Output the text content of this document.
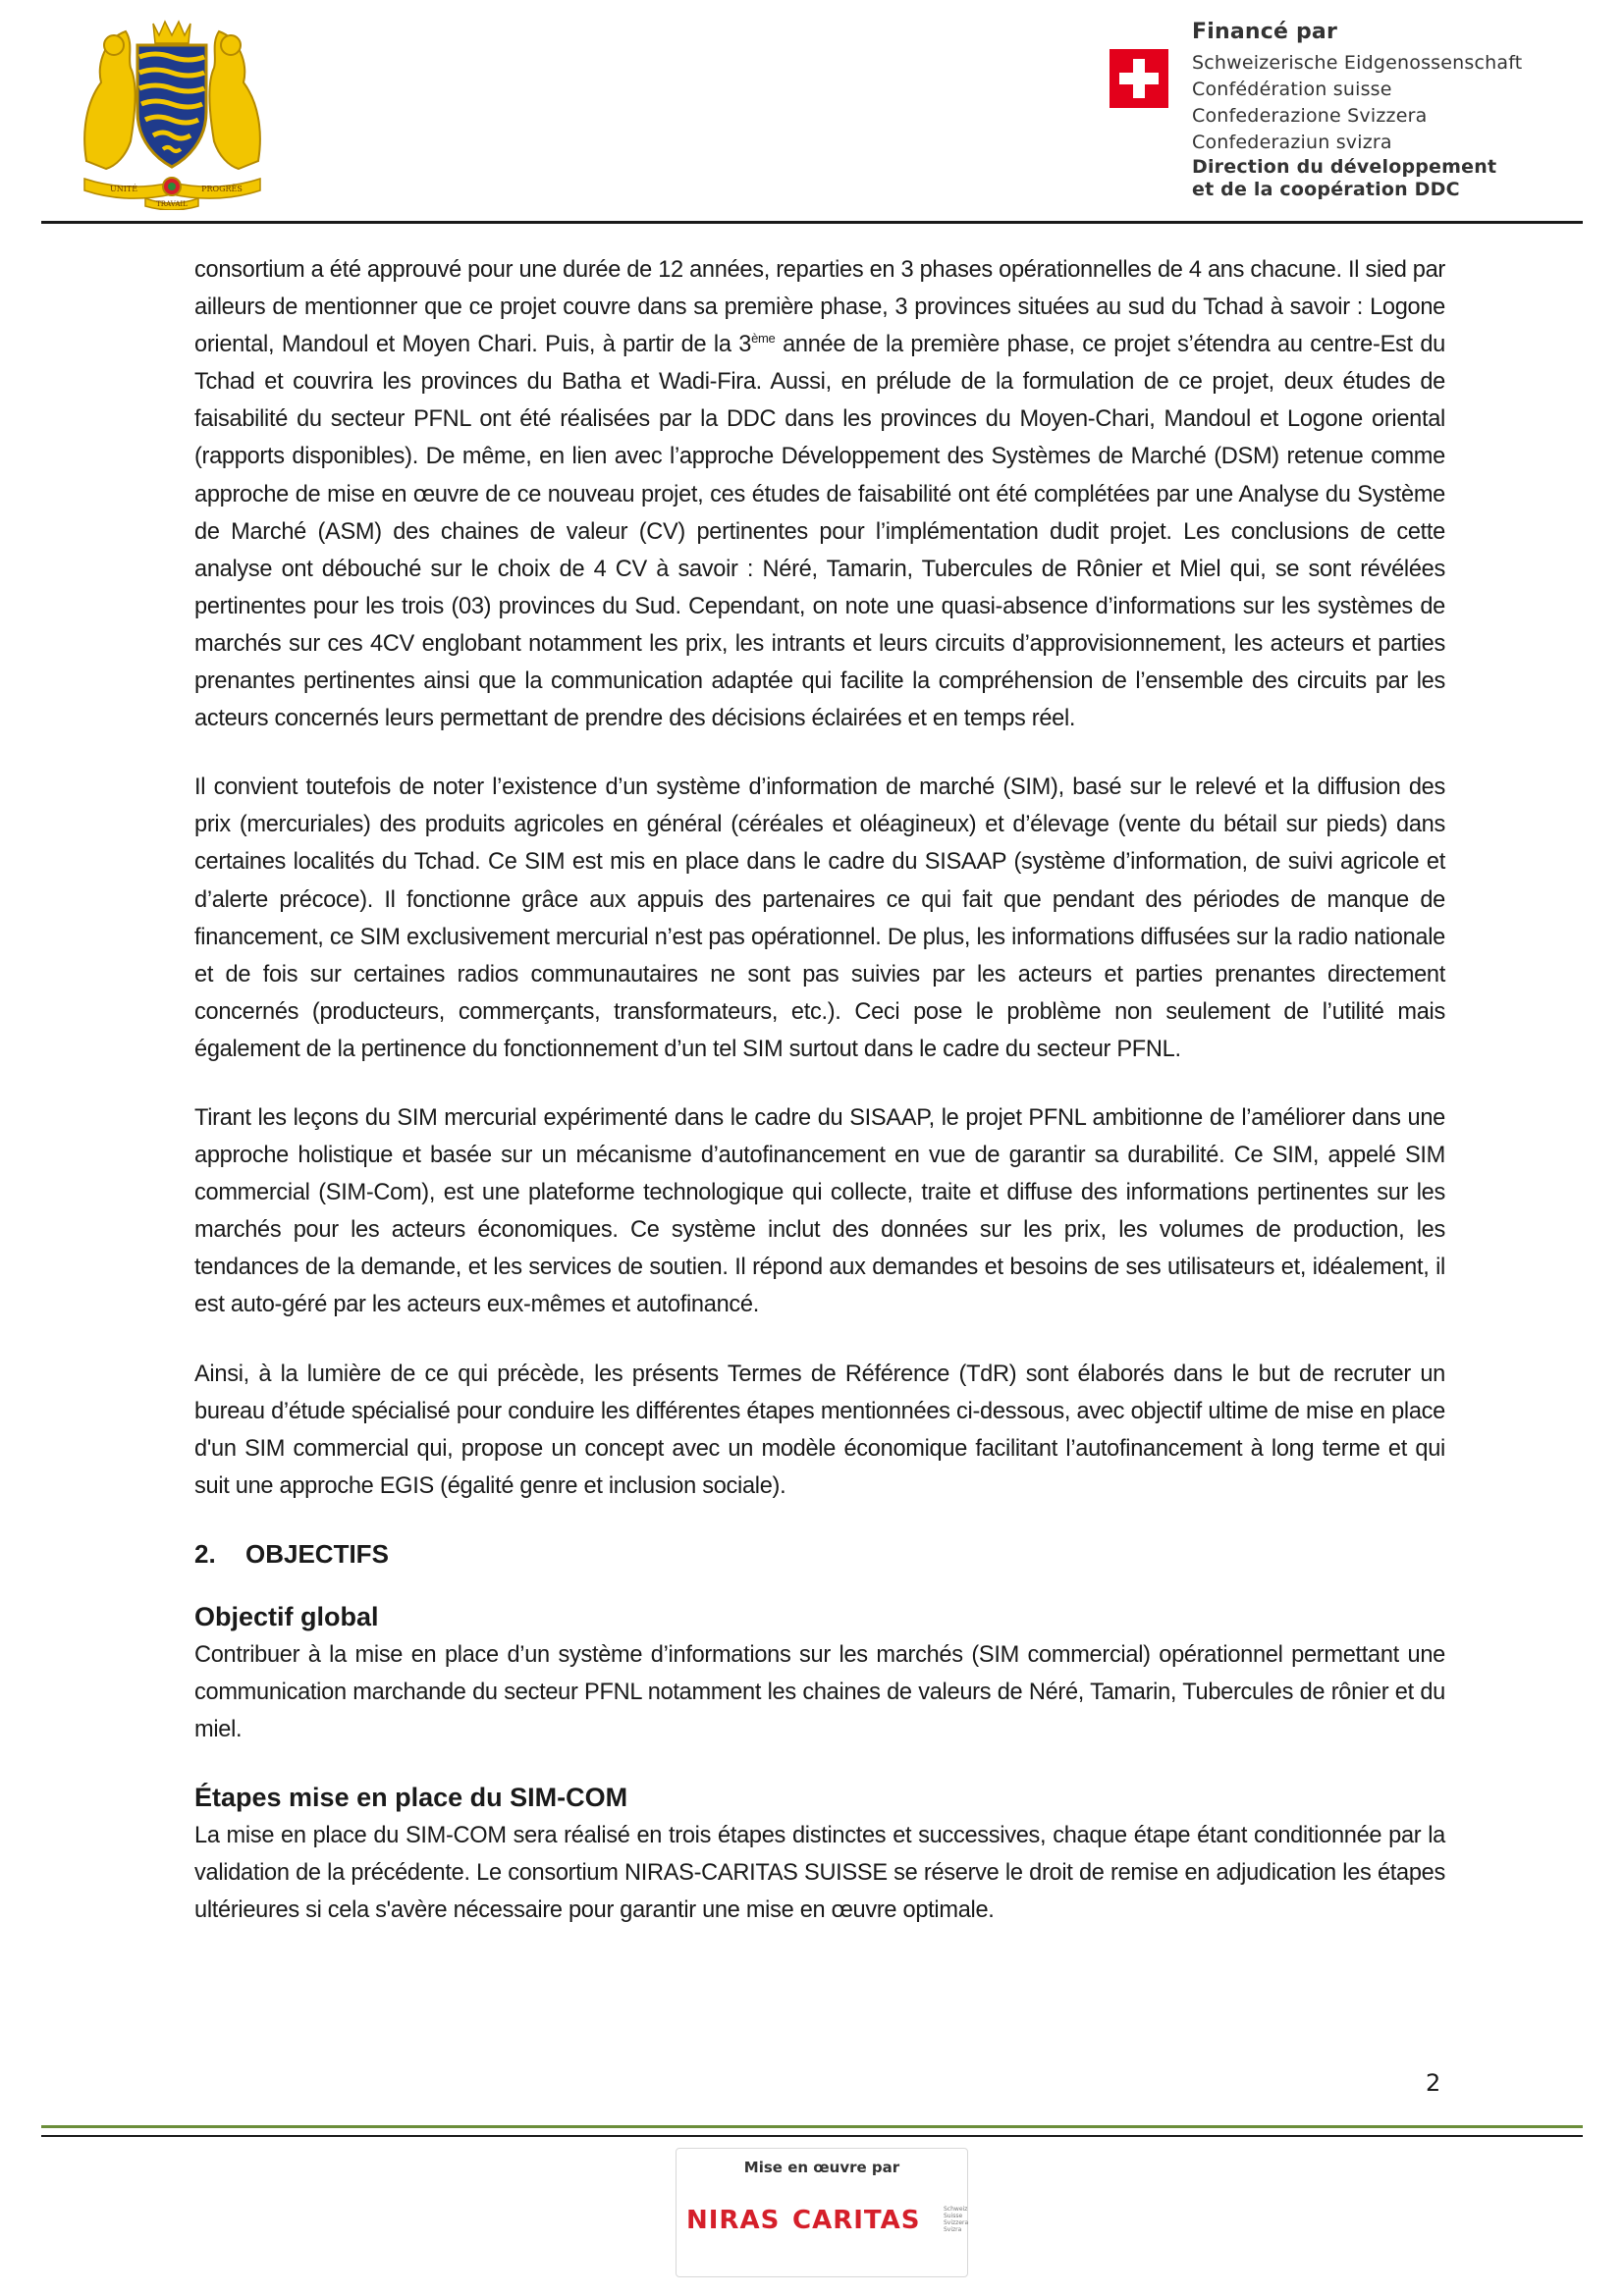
UNITÉ	PROGRÈS
TRAVAIL
Financé par
Schweizerische Eidgenossenschaft
Confédération suisse
Confederazione Svizzera
Confederaziun svizra
Direction du développement
et de la coopération DDC

consortium a été approuvé pour une durée de 12 années, reparties en 3 phases opérationnelles de 4 ans chacune. Il sied par ailleurs de mentionner que ce projet couvre dans sa première phase, 3 provinces situées au sud du Tchad à savoir : Logone oriental, Mandoul et Moyen Chari. Puis, à partir de la 3ème année de la première phase, ce projet s’étendra au centre-Est du Tchad et couvrira les provinces du Batha et Wadi-Fira. Aussi, en prélude de la formulation de ce projet, deux études de faisabilité du secteur PFNL ont été réalisées par la DDC dans les provinces du Moyen-Chari, Mandoul et Logone oriental (rapports disponibles). De même, en lien avec l’approche Développement des Systèmes de Marché (DSM) retenue comme approche de mise en œuvre de ce nouveau projet, ces études de faisabilité ont été complétées par une Analyse du Système de Marché (ASM) des chaines de valeur (CV) pertinentes pour l’implémentation dudit projet. Les conclusions de cette analyse ont débouché sur le choix de 4 CV à savoir : Néré, Tamarin, Tubercules de Rônier et Miel qui, se sont révélées pertinentes pour les trois (03) provinces du Sud. Cependant, on note une quasi-absence d’informations sur les systèmes de marchés sur ces 4CV englobant notamment les prix, les intrants et leurs circuits d’approvisionnement, les acteurs et parties prenantes pertinentes ainsi que la communication adaptée qui facilite la compréhension de l’ensemble des circuits par les acteurs concernés leurs permettant de prendre des décisions éclairées et en temps réel.

Il convient toutefois de noter l’existence d’un système d’information de marché (SIM), basé sur le relevé et la diffusion des prix (mercuriales) des produits agricoles en général (céréales et oléagineux) et d’élevage (vente du bétail sur pieds) dans certaines localités du Tchad. Ce SIM est mis en place dans le cadre du SISAAP (système d’information, de suivi agricole et d’alerte précoce). Il fonctionne grâce aux appuis des partenaires ce qui fait que pendant des périodes de manque de financement, ce SIM exclusivement mercurial n’est pas opérationnel. De plus, les informations diffusées sur la radio nationale et de fois sur certaines radios communautaires ne sont pas suivies par les acteurs et parties prenantes directement concernés (producteurs, commerçants, transformateurs, etc.). Ceci pose le problème non seulement de l’utilité mais également de la pertinence du fonctionnement d’un tel SIM surtout dans le cadre du secteur PFNL.

Tirant les leçons du SIM mercurial expérimenté dans le cadre du SISAAP, le projet PFNL ambitionne de l’améliorer dans une approche holistique et basée sur un mécanisme d’autofinancement en vue de garantir sa durabilité. Ce SIM, appelé SIM commercial (SIM-Com), est une plateforme technologique qui collecte, traite et diffuse des informations pertinentes sur les marchés pour les acteurs économiques. Ce système inclut des données sur les prix, les volumes de production, les tendances de la demande, et les services de soutien. Il répond aux demandes et besoins de ses utilisateurs et, idéalement, il est auto-géré par les acteurs eux-mêmes et autofinancé.

Ainsi, à la lumière de ce qui précède, les présents Termes de Référence (TdR) sont élaborés dans le but de recruter un bureau d’étude spécialisé pour conduire les différentes étapes mentionnées ci-dessous, avec objectif ultime de mise en place d'un SIM commercial qui, propose un concept avec un modèle économique facilitant l’autofinancement à long terme et qui suit une approche EGIS (égalité genre et inclusion sociale).

2. OBJECTIFS
Objectif global

Contribuer à la mise en place d’un système d’informations sur les marchés (SIM commercial) opérationnel permettant une communication marchande du secteur PFNL notamment les chaines de valeurs de Néré, Tamarin, Tubercules de rônier et du miel.

Étapes mise en place du SIM-COM

La mise en place du SIM-COM sera réalisé en trois étapes distinctes et successives, chaque étape étant conditionnée par la validation de la précédente. Le consortium NIRAS-CARITAS SUISSE se réserve le droit de remise en adjudication les étapes ultérieures si cela s'avère nécessaire pour garantir une mise en œuvre optimale.

2
Mise en œuvre par
NIRAS CARITAS	Schweiz Suisse Svizzera Svizra
